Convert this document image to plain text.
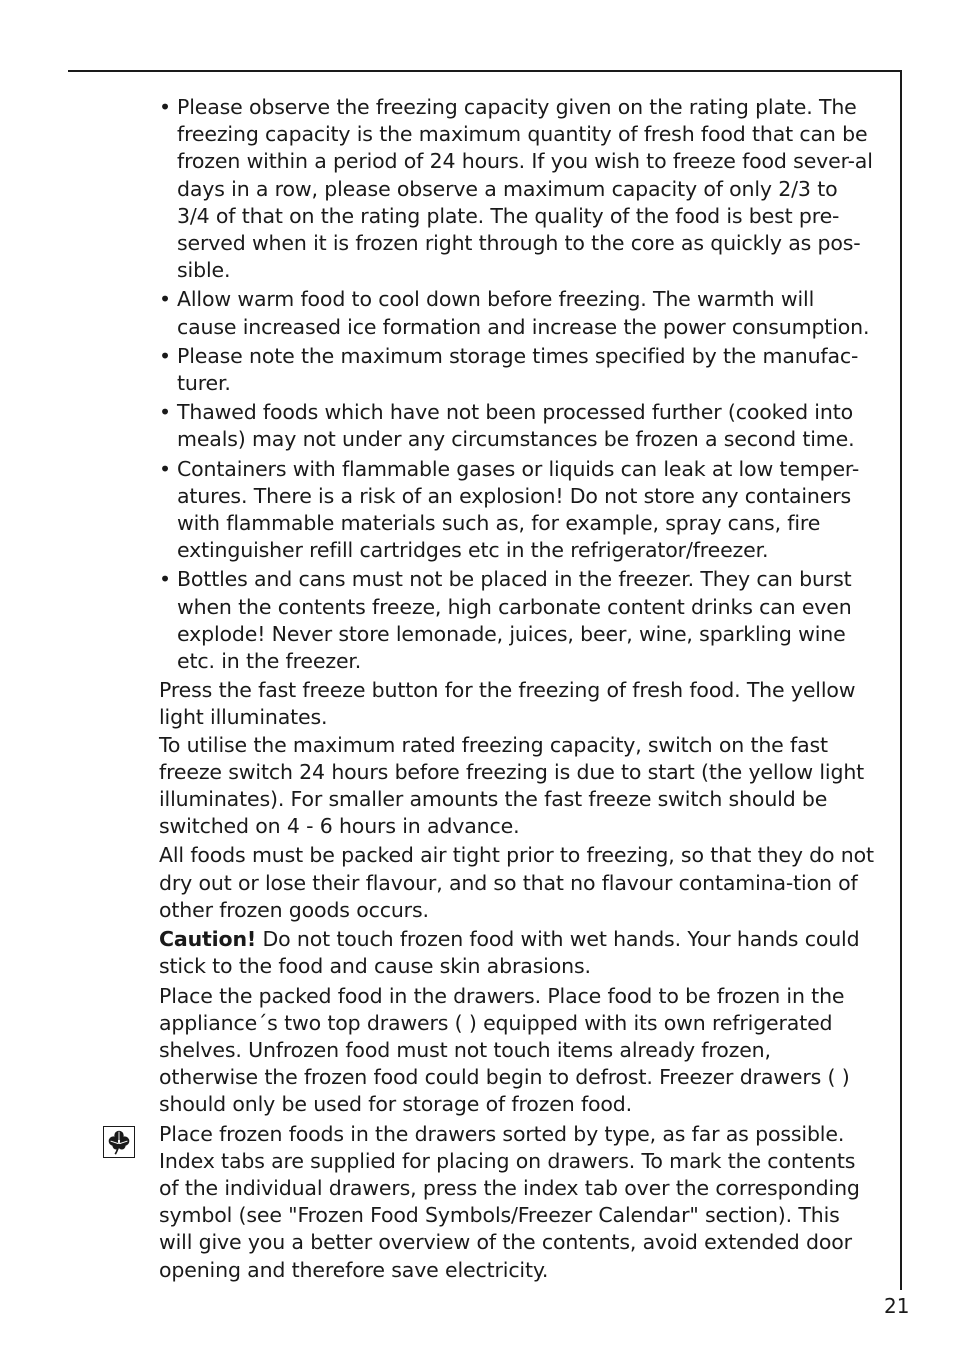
• Please observe the freezing capacity given on the rating plate. The freezing capacity is the maximum quantity of fresh food that can be frozen within a period of 24 hours. If you wish to freeze food sever-al days in a row, please observe a maximum capacity of only 2/3 to 3/4 of that on the rating plate. The quality of the food is best pre-served when it is frozen right through to the core as quickly as pos-sible.
• Allow warm food to cool down before freezing. The warmth will cause increased ice formation and increase the power consumption.
• Please note the maximum storage times specified by the manufac-turer.
• Thawed foods which have not been processed further (cooked into meals) may not under any circumstances be frozen a second time.
• Containers with flammable gases or liquids can leak at low temper-atures. There is a risk of an explosion! Do not store any containers with flammable materials such as, for example, spray cans, fire extinguisher refill cartridges etc in the refrigerator/freezer.
• Bottles and cans must not be placed in the freezer. They can burst when the contents freeze, high carbonate content drinks can even explode! Never store lemonade, juices, beer, wine, sparkling wine etc. in the freezer.

Press the fast freeze button for the freezing of fresh food. The yellow light illuminates.

To utilise the maximum rated freezing capacity, switch on the fast freeze switch 24 hours before freezing is due to start (the yellow light illuminates). For smaller amounts the fast freeze switch should be switched on 4 - 6 hours in advance.

All foods must be packed air tight prior to freezing, so that they do not dry out or lose their flavour, and so that no flavour contamina-tion of other frozen goods occurs.

Caution! Do not touch frozen food with wet hands. Your hands could stick to the food and cause skin abrasions.

Place the packed food in the drawers. Place food to be frozen in the appliance´s two top drawers ( ) equipped with its own refrigerated shelves. Unfrozen food must not touch items already frozen, otherwise the frozen food could begin to defrost. Freezer drawers ( ) should only be used for storage of frozen food.

Place frozen foods in the drawers sorted by type, as far as possible. Index tabs are supplied for placing on drawers. To mark the contents of the individual drawers, press the index tab over the corresponding symbol (see "Frozen Food Symbols/Freezer Calendar" section). This will give you a better overview of the contents, avoid extended door opening and therefore save electricity.

21
